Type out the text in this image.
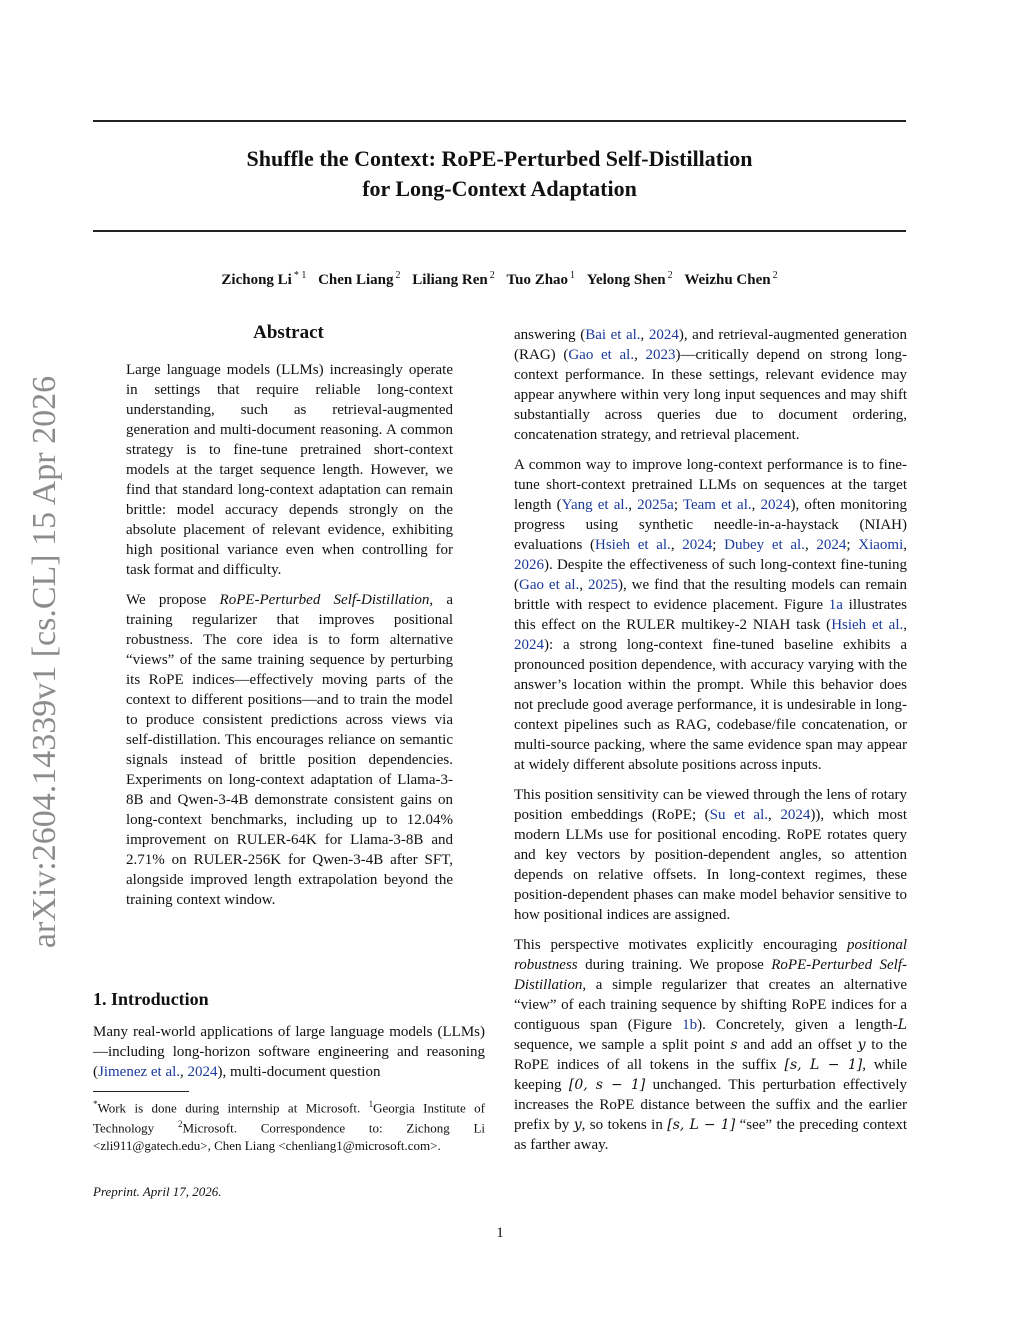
Shuffle the Context: RoPE-Perturbed Self-Distillation
for Long-Context Adaptation
Zichong Li $^{* 1}$ Chen Liang $^2$ Liliang Ren $^2$ Tuo Zhao $^1$ Yelong Shen $^2$ Weizhu Chen $^2$
arXiv:2604.14339v1 [cs.CL] 15 Apr 2026
Abstract

Large language models (LLMs) increasingly operate in settings that require reliable long-context understanding, such as retrieval-augmented generation and multi-document reasoning. A common strategy is to fine-tune pretrained short-context models at the target sequence length. However, we find that standard long-context adaptation can remain brittle: model accuracy depends strongly on the absolute placement of relevant evidence, exhibiting high positional variance even when controlling for task format and difficulty.

We propose RoPE-Perturbed Self-Distillation, a training regularizer that improves positional robustness. The core idea is to form alternative “views” of the same training sequence by perturbing its RoPE indices—effectively moving parts of the context to different positions—and to train the model to produce consistent predictions across views via self-distillation. This encourages reliance on semantic signals instead of brittle position dependencies. Experiments on long-context adaptation of Llama-3-8B and Qwen-3-4B demonstrate consistent gains on long-context benchmarks, including up to 12.04% improvement on RULER-64K for Llama-3-8B and 2.71% on RULER-256K for Qwen-3-4B after SFT, alongside improved length extrapolation beyond the training context window.

1. Introduction

Many real-world applications of large language models (LLMs)—including long-horizon software engineering and reasoning (Jimenez et al., 2024), multi-document question

*Work is done during internship at Microsoft. $^1$Georgia Institute of Technology $^2$Microsoft. Correspondence to: Zichong Li <zli911@gatech.edu>, Chen Liang <chenliang1@microsoft.com>.
Preprint. April 17, 2026.

answering (Bai et al., 2024), and retrieval-augmented generation (RAG) (Gao et al., 2023)—critically depend on strong long-context performance. In these settings, relevant evidence may appear anywhere within very long input sequences and may shift substantially across queries due to document ordering, concatenation strategy, and retrieval placement.

A common way to improve long-context performance is to fine-tune short-context pretrained LLMs on sequences at the target length (Yang et al., 2025a; Team et al., 2024), often monitoring progress using synthetic needle-in-a-haystack (NIAH) evaluations (Hsieh et al., 2024; Dubey et al., 2024; Xiaomi, 2026). Despite the effectiveness of such long-context fine-tuning (Gao et al., 2025), we find that the resulting models can remain brittle with respect to evidence placement. Figure 1a illustrates this effect on the RULER multikey-2 NIAH task (Hsieh et al., 2024): a strong long-context fine-tuned baseline exhibits a pronounced position dependence, with accuracy varying with the answer’s location within the prompt. While this behavior does not preclude good average performance, it is undesirable in long-context pipelines such as RAG, codebase/file concatenation, or multi-source packing, where the same evidence span may appear at widely different absolute positions across inputs.

This position sensitivity can be viewed through the lens of rotary position embeddings (RoPE; (Su et al., 2024)), which most modern LLMs use for positional encoding. RoPE rotates query and key vectors by position-dependent angles, so attention depends on relative offsets. In long-context regimes, these position-dependent phases can make model behavior sensitive to how positional indices are assigned.

This perspective motivates explicitly encouraging positional robustness during training. We propose RoPE-Perturbed Self-Distillation, a simple regularizer that creates an alternative “view” of each training sequence by shifting RoPE indices for a contiguous span (Figure 1b). Concretely, given a length-L sequence, we sample a split point s and add an offset y to the RoPE indices of all tokens in the suffix [s, L − 1], while keeping [0, s − 1] unchanged. This perturbation effectively increases the RoPE distance between the suffix and the earlier prefix by y, so tokens in [s, L − 1] “see” the preceding context as farther away.

1
